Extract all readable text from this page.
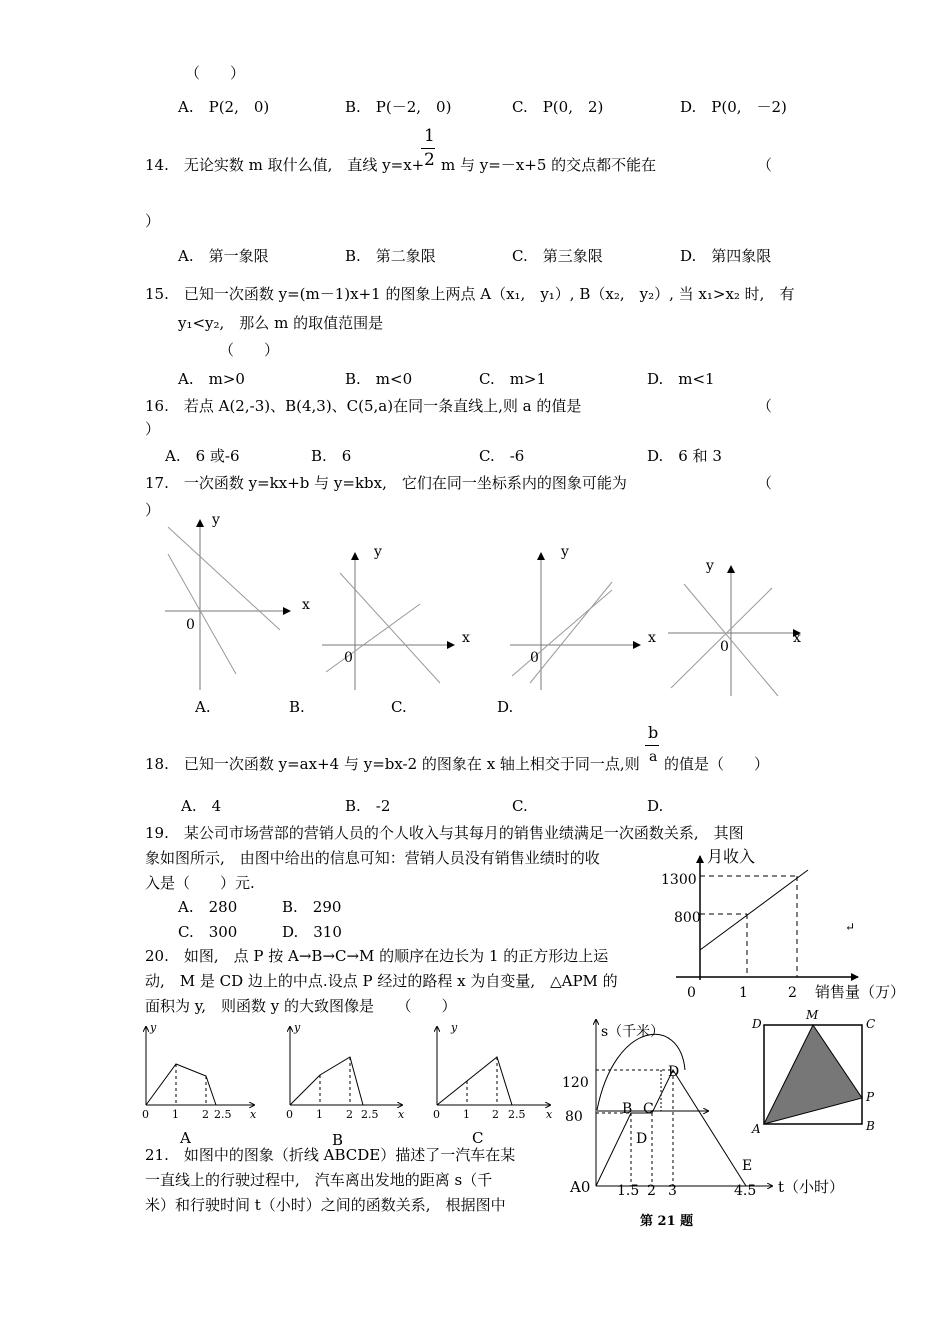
（　　）
A.　P(2,　0)	B.　P(－2,　0)	C.　P(0,　2)	D.　P(0,　－2)
14.　无论实数 m 取什么值,　直线 y=x+
1
2 m 与 y=－x+5 的交点都不能在	（
）
A.　第一象限	B.　第二象限	C.　第三象限	D.　第四象限
15.　已知一次函数 y=(m－1)x+1 的图象上两点 A（x₁,　y₁）, B（x₂,　y₂）, 当 x₁>x₂ 时,　有
y₁<y₂,　那么 m 的取值范围是
（　　）
A.　m>0	B.　m<0	C.　m>1	D.　m<1
16.　若点 A(2,-3)、B(4,3)、C(5,a)在同一条直线上,则 a 的值是	（
）
A.　6 或-6	B.　6	C.　-6	D.　6 和 3
17.　一次函数 y=kx+b 与 y=kbx,　它们在同一坐标系内的图象可能为	（
）
y
x
0
y
x
0
y
x
0
y
x
0
A.	B.	C.	D.
18.　已知一次函数 y=ax+4 与 y=bx-2 的图象在 x 轴上相交于同一点,则
b
a 的值是（　　）
A.　4	B.　-2	C.	D.
19.　某公司市场营部的营销人员的个人收入与其每月的销售业绩满足一次函数关系,　其图
象如图所示,　由图中给出的信息可知：营销人员没有销售业绩时的收
入是（　　）元.
A.　280	B.　290
C.　300	D.　310
月收入
1300
800
0	1	2 销售量（万）
↵
20.　如图,　点 P 按 A→B→C→M 的顺序在边长为 1 的正方形边上运
动,　M 是 CD 边上的中点.设点 P 经过的路程 x 为自变量,　△APM 的
面积为 y,　则函数 y 的大致图像是　　（　　）
y
x
0 1 2 2.5
y
x
0 1 2 2.5
y
x
0 1 2 2.5
D
M
C
P
A	B
s（千米）
120
80
A0 1.5 2 3	4.5 t（小时）
B C
D
D
E
第 21 题
A	B	C
21.　如图中的图象（折线 ABCDE）描述了一汽车在某
一直线上的行驶过程中,　汽车离出发地的距离 s（千
米）和行驶时间 t（小时）之间的函数关系,　根据图中
